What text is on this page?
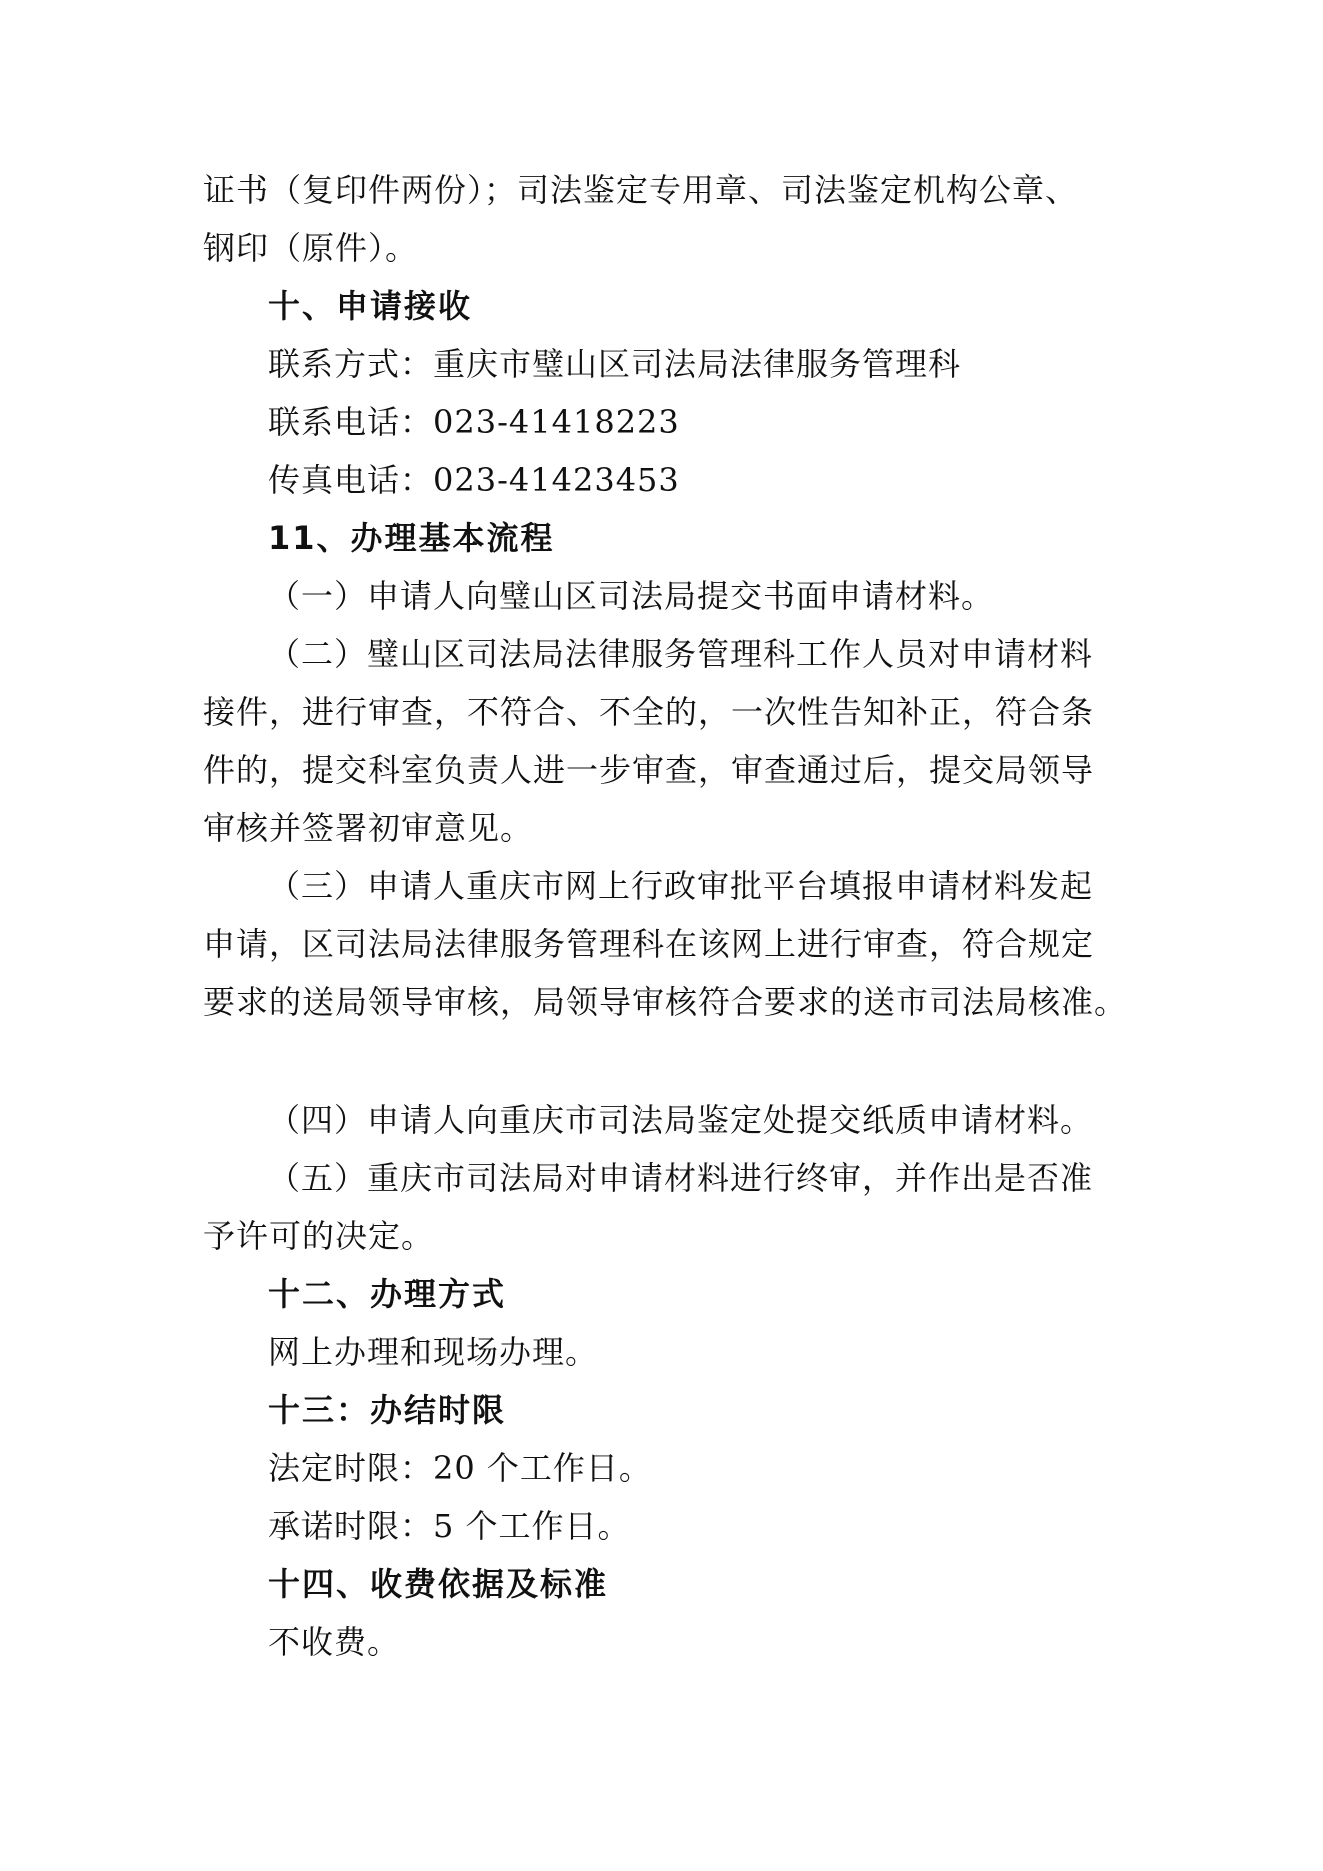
证书（复印件两份）；司法鉴定专用章、司法鉴定机构公章、
钢印（原件）。
十、申请接收
联系方式：重庆市璧山区司法局法律服务管理科
联系电话：023-41418223
传真电话：023-41423453
11、办理基本流程
（一）申请人向璧山区司法局提交书面申请材料。
（二）璧山区司法局法律服务管理科工作人员对申请材料
接件，进行审查，不符合、不全的，一次性告知补正，符合条
件的，提交科室负责人进一步审查，审查通过后，提交局领导
审核并签署初审意见。
（三）申请人重庆市网上行政审批平台填报申请材料发起
申请，区司法局法律服务管理科在该网上进行审查，符合规定
要求的送局领导审核，局领导审核符合要求的送市司法局核准。
（四）申请人向重庆市司法局鉴定处提交纸质申请材料。
（五）重庆市司法局对申请材料进行终审，并作出是否准
予许可的决定。
十二、办理方式
网上办理和现场办理。
十三：办结时限
法定时限：20 个工作日。
承诺时限：5 个工作日。
十四、收费依据及标准
不收费。
